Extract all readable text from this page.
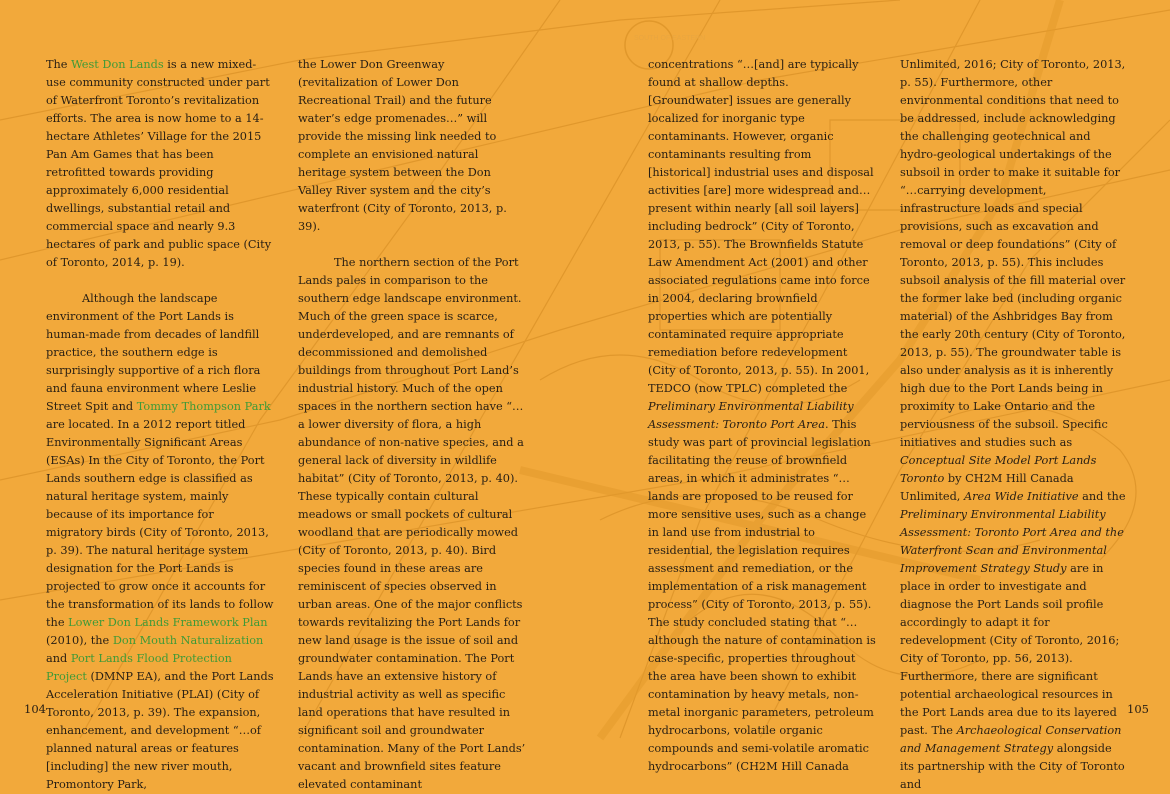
SOUTH OF EASTERN

The West Don Lands is a new mixed-use community constructed under part of Waterfront Toronto’s revitalization efforts. The area is now home to a 14-hectare Athletes’ Village for the 2015 Pan Am Games that has been retrofitted towards providing approximately 6,000 residential dwellings, substantial retail and commercial space and nearly 9.3 hectares of park and public space (City of Toronto, 2014, p. 19).

Although the landscape environment of the Port Lands is human-made from decades of landfill practice, the southern edge is surprisingly supportive of a rich flora and fauna environment where Leslie Street Spit and Tommy Thompson Park are located. In a 2012 report titled Environmentally Significant Areas (ESAs) In the City of Toronto, the Port Lands southern edge is classified as natural heritage system, mainly because of its importance for migratory birds (City of Toronto, 2013, p. 39). The natural heritage system designation for the Port Lands is projected to grow once it accounts for the transformation of its lands to follow the Lower Don Lands Framework Plan (2010), the Don Mouth Naturalization and Port Lands Flood Protection Project (DMNP EA), and the Port Lands Acceleration Initiative (PLAI) (City of Toronto, 2013, p. 39). The expansion, enhancement, and development “…of planned natural areas or features [including] the new river mouth, Promontory Park,

the Lower Don Greenway (revitalization of Lower Don Recreational Trail) and the future water’s edge promenades…” will provide the missing link needed to complete an envisioned natural heritage system between the Don Valley River system and the city’s waterfront (City of Toronto, 2013, p. 39).

The northern section of the Port Lands pales in comparison to the southern edge landscape environment. Much of the green space is scarce, underdeveloped, and are remnants of decommissioned and demolished buildings from throughout Port Land’s industrial history. Much of the open spaces in the northern section have “…a lower diversity of flora, a high abundance of non-native species, and a general lack of diversity in wildlife habitat” (City of Toronto, 2013, p. 40). These typically contain cultural meadows or small pockets of cultural woodland that are periodically mowed (City of Toronto, 2013, p. 40). Bird species found in these areas are reminiscent of species observed in urban areas. One of the major conflicts towards revitalizing the Port Lands for new land usage is the issue of soil and groundwater contamination. The Port Lands have an extensive history of industrial activity as well as specific land operations that have resulted in significant soil and groundwater contamination. Many of the Port Lands’ vacant and brownfield sites feature elevated contaminant

concentrations “…[and] are typically found at shallow depths. [Groundwater] issues are generally localized for inorganic type contaminants. However, organic contaminants resulting from [historical] industrial uses and disposal activities [are] more widespread and…present within nearly [all soil layers] including bedrock” (City of Toronto, 2013, p. 55). The Brownfields Statute Law Amendment Act (2001) and other associated regulations came into force in 2004, declaring brownfield properties which are potentially contaminated require appropriate remediation before redevelopment (City of Toronto, 2013, p. 55). In 2001, TEDCO (now TPLC) completed the Preliminary Environmental Liability Assessment: Toronto Port Area. This study was part of provincial legislation facilitating the reuse of brownfield areas, in which it administrates “…lands are proposed to be reused for more sensitive uses, such as a change in land use from industrial to residential, the legislation requires assessment and remediation, or the implementation of a risk management process” (City of Toronto, 2013, p. 55). The study concluded stating that “…although the nature of contamination is case-specific, properties throughout the area have been shown to exhibit contamination by heavy metals, non-metal inorganic parameters, petroleum hydrocarbons, volatile organic compounds and semi-volatile aromatic hydrocarbons” (CH2M Hill Canada

Unlimited, 2016; City of Toronto, 2013, p. 55). Furthermore, other environmental conditions that need to be addressed, include acknowledging the challenging geotechnical and hydro-geological undertakings of the subsoil in order to make it suitable for “…carrying development, infrastructure loads and special provisions, such as excavation and removal or deep foundations” (City of Toronto, 2013, p. 55). This includes subsoil analysis of the fill material over the former lake bed (including organic material) of the Ashbridges Bay from the early 20th century (City of Toronto, 2013, p. 55). The groundwater table is also under analysis as it is inherently high due to the Port Lands being in proximity to Lake Ontario and the perviousness of the subsoil. Specific initiatives and studies such as Conceptual Site Model Port Lands Toronto by CH2M Hill Canada Unlimited, Area Wide Initiative and the Preliminary Environmental Liability Assessment: Toronto Port Area and the Waterfront Scan and Environmental Improvement Strategy Study are in place in order to investigate and diagnose the Port Lands soil profile accordingly to adapt it for redevelopment (City of Toronto, 2016; City of Toronto, pp. 56, 2013). Furthermore, there are significant potential archaeological resources in the Port Lands area due to its layered past. The Archaeological Conservation and Management Strategy alongside its partnership with the City of Toronto and

104	105
